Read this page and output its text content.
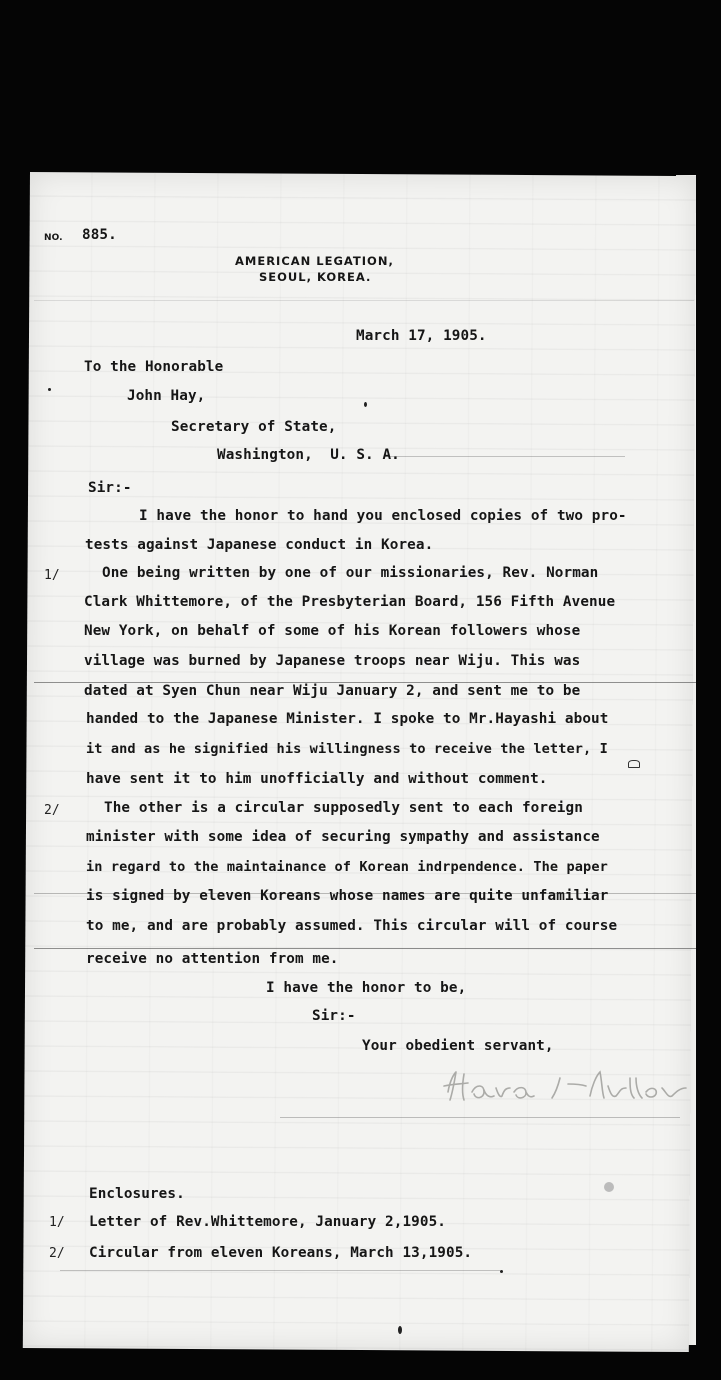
NO. 885.
AMERICAN LEGATION,
SEOUL, KOREA.
March 17, 1905.
To the Honorable
John Hay,
Secretary of State,
Washington,  U. S. A.
Sir:-
I have the honor to hand you enclosed copies of two pro-
tests against Japanese conduct in Korea.
One being written by one of our missionaries, Rev. Norman
Clark Whittemore, of the Presbyterian Board, 156 Fifth Avenue
New York, on behalf of some of his Korean followers whose
village was burned by Japanese troops near Wiju. This was
dated at Syen Chun near Wiju January 2, and sent me to be
handed to the Japanese Minister. I spoke to Mr.Hayashi about
it and as he signified his willingness to receive the letter, I
have sent it to him unofficially and without comment.
The other is a circular supposedly sent to each foreign
minister with some idea of securing sympathy and assistance
in regard to the maintainance of Korean indrpendence. The paper
is signed by eleven Koreans whose names are quite unfamiliar
to me, and are probably assumed. This circular will of course
receive no attention from me.
1/
2/
1/
2/
I have the honor to be,
Sir:-
Your obedient servant,
Enclosures.
Letter of Rev.Whittemore, January 2,1905.
Circular from eleven Koreans, March 13,1905.
